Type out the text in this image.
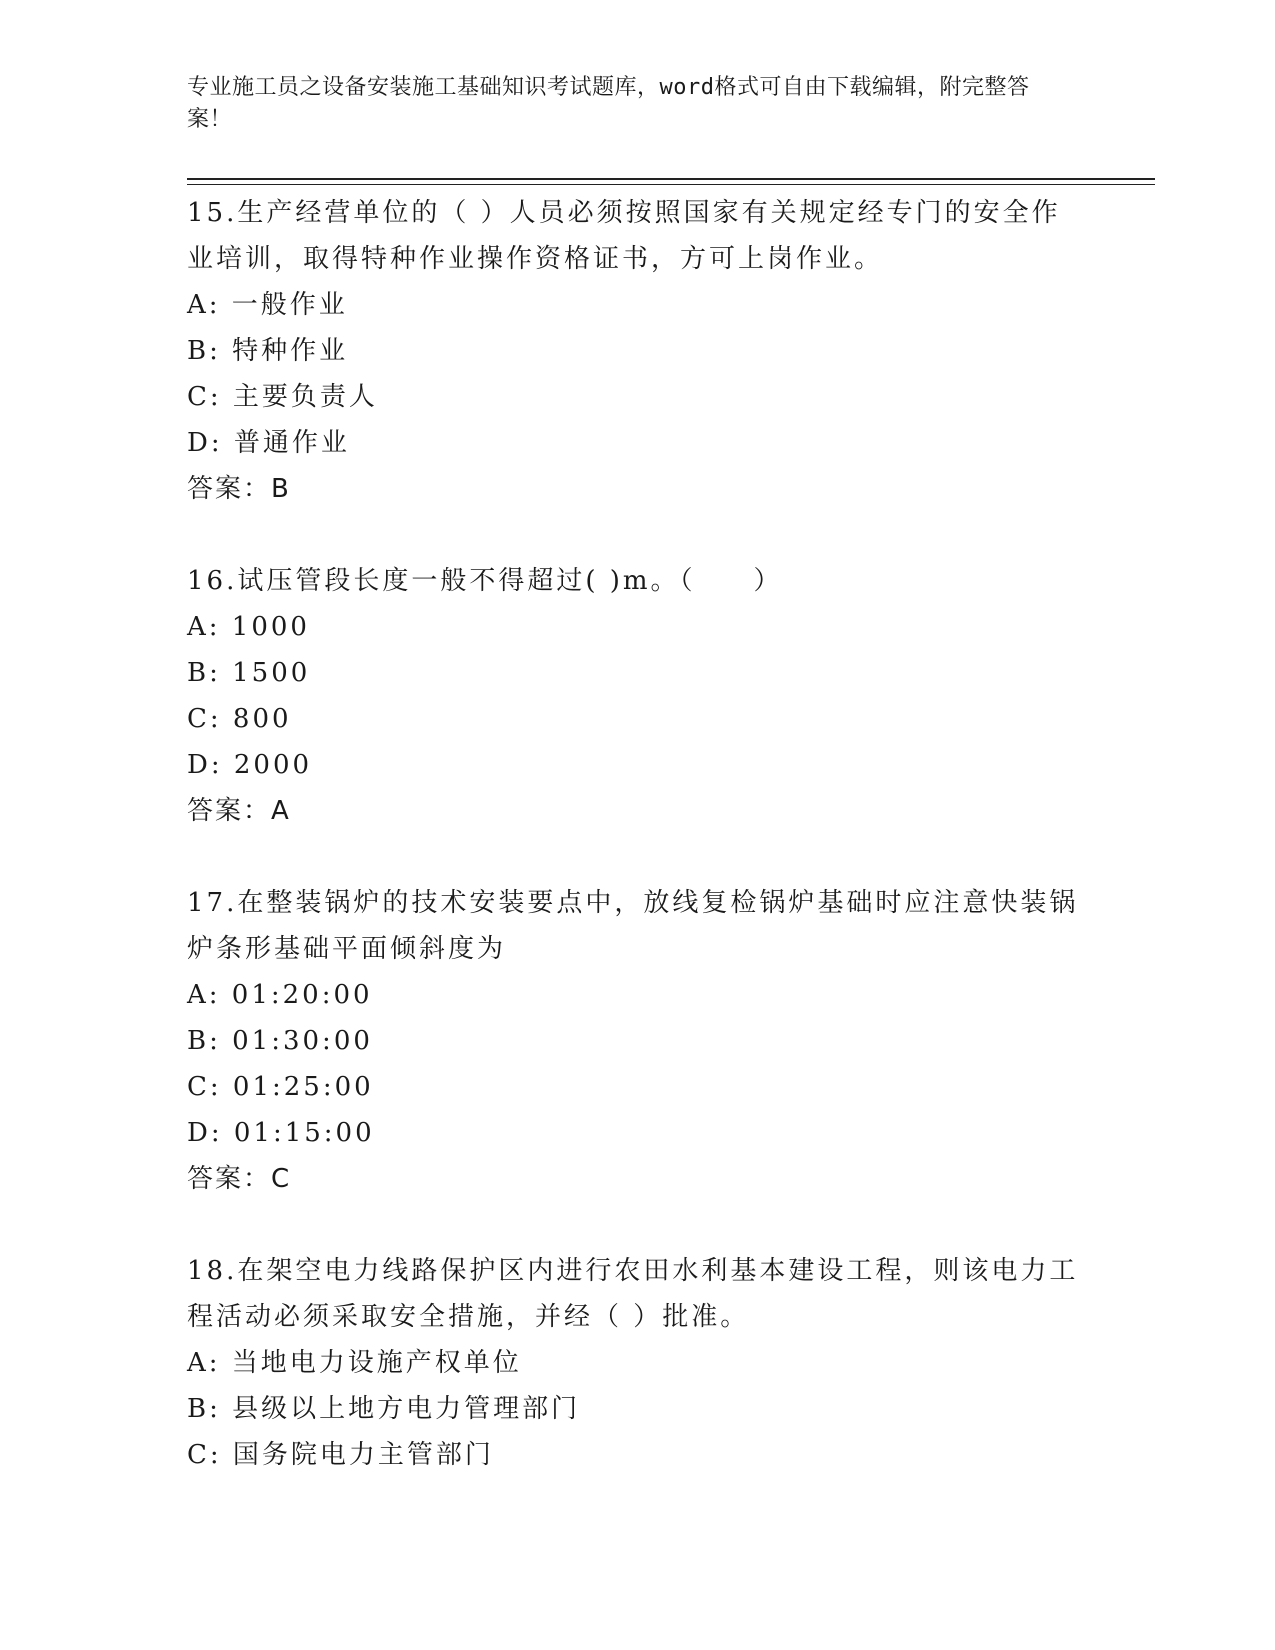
专业施工员之设备安装施工基础知识考试题库，word格式可自由下载编辑，附完整答案！

15.生产经营单位的（ ）人员必须按照国家有关规定经专门的安全作业培训，取得特种作业操作资格证书，方可上岗作业。

A: 一般作业

B: 特种作业

C: 主要负责人

D: 普通作业

答案：B

16.试压管段长度一般不得超过( )m。（　　）

A: 1000

B: 1500

C: 800

D: 2000

答案：A

17.在整装锅炉的技术安装要点中，放线复检锅炉基础时应注意快装锅炉条形基础平面倾斜度为

A: 01:20:00

B: 01:30:00

C: 01:25:00

D: 01:15:00

答案：C

18.在架空电力线路保护区内进行农田水利基本建设工程，则该电力工程活动必须采取安全措施，并经（ ）批准。

A: 当地电力设施产权单位

B: 县级以上地方电力管理部门

C: 国务院电力主管部门
